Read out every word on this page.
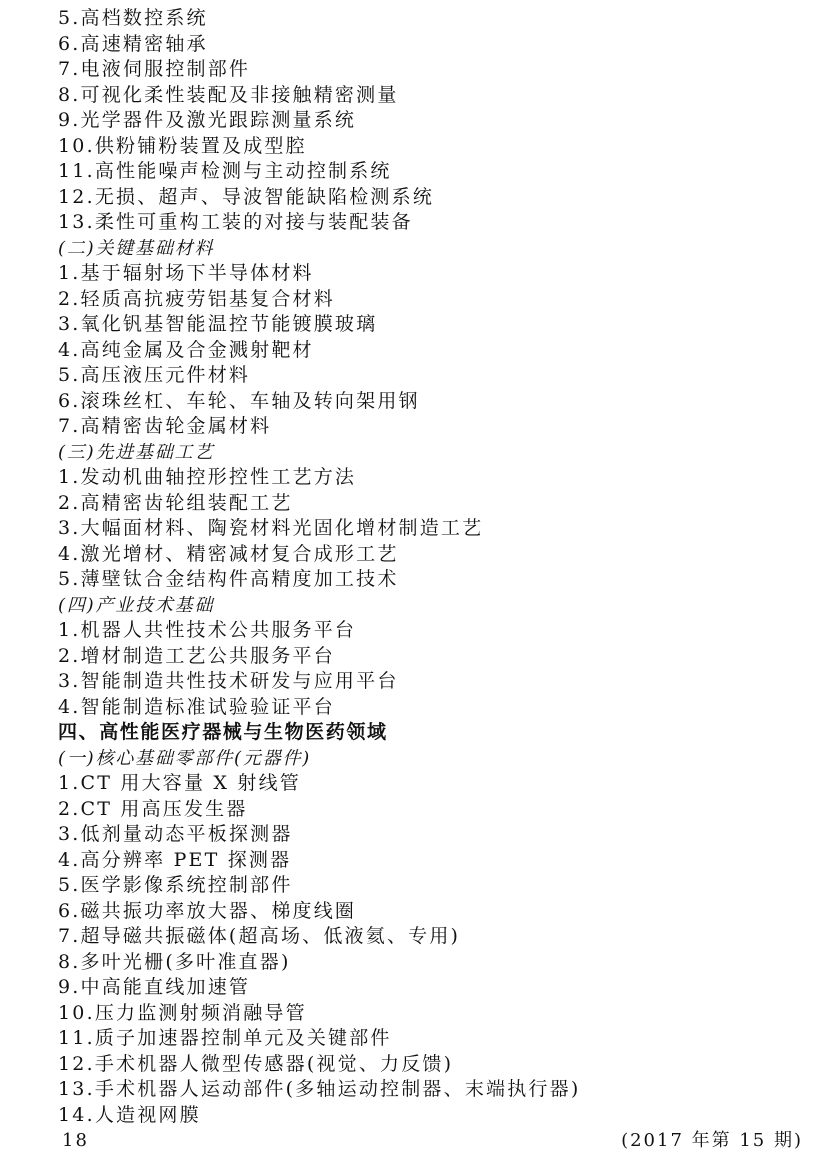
5.高档数控系统
6.高速精密轴承
7.电液伺服控制部件
8.可视化柔性装配及非接触精密测量
9.光学器件及激光跟踪测量系统
10.供粉铺粉装置及成型腔
11.高性能噪声检测与主动控制系统
12.无损、超声、导波智能缺陷检测系统
13.柔性可重构工装的对接与装配装备
(二)关键基础材料
1.基于辐射场下半导体材料
2.轻质高抗疲劳铝基复合材料
3.氧化钒基智能温控节能镀膜玻璃
4.高纯金属及合金溅射靶材
5.高压液压元件材料
6.滚珠丝杠、车轮、车轴及转向架用钢
7.高精密齿轮金属材料
(三)先进基础工艺
1.发动机曲轴控形控性工艺方法
2.高精密齿轮组装配工艺
3.大幅面材料、陶瓷材料光固化增材制造工艺
4.激光增材、精密减材复合成形工艺
5.薄壁钛合金结构件高精度加工技术
(四)产业技术基础
1.机器人共性技术公共服务平台
2.增材制造工艺公共服务平台
3.智能制造共性技术研发与应用平台
4.智能制造标准试验验证平台
四、高性能医疗器械与生物医药领域
(一)核心基础零部件(元器件)
1.CT 用大容量 X 射线管
2.CT 用高压发生器
3.低剂量动态平板探测器
4.高分辨率 PET 探测器
5.医学影像系统控制部件
6.磁共振功率放大器、梯度线圈
7.超导磁共振磁体(超高场、低液氦、专用)
8.多叶光栅(多叶准直器)
9.中高能直线加速管
10.压力监测射频消融导管
11.质子加速器控制单元及关键部件
12.手术机器人微型传感器(视觉、力反馈)
13.手术机器人运动部件(多轴运动控制器、末端执行器)
14.人造视网膜
18	(2017 年第 15 期)
